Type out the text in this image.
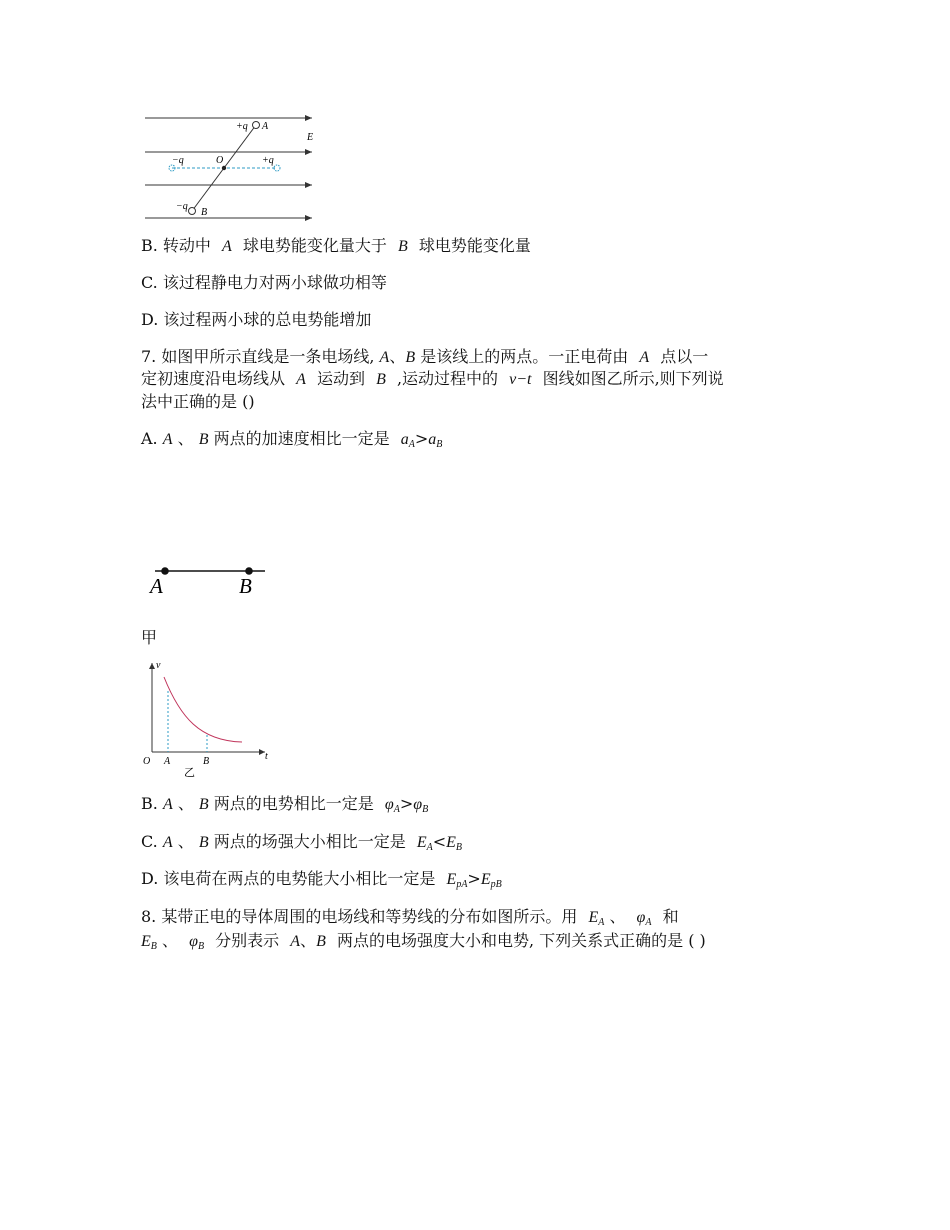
+q A
E
−q	O	+q
−q
B
B. 转动中 A 球电势能变化量大于 B 球电势能变化量
C. 该过程静电力对两小球做功相等
D. 该过程两小球的总电势能增加
7. 如图甲所示直线是一条电场线, A、B 是该线上的两点。一正电荷由 A 点以一
定初速度沿电场线从 A 运动到 B ,运动过程中的 v−t 图线如图乙所示,则下列说
法中正确的是 ()
A. A 、 B 两点的加速度相比一定是 $a_A>a_B$
A	B
甲
v
t
O A	B
乙
B. A 、 B 两点的电势相比一定是 $\varphi_A>\varphi_B$
C. A 、 B 两点的场强大小相比一定是 $E_A<E_B$
D. 该电荷在两点的电势能大小相比一定是 $E_{pA}>E_{pB}$
8. 某带正电的导体周围的电场线和等势线的分布如图所示。用 $E_A$ 、 $\varphi_A$ 和
$E_B$ 、 $\varphi_B$ 分别表示 A、B 两点的电场强度大小和电势, 下列关系式正确的是 ( )
